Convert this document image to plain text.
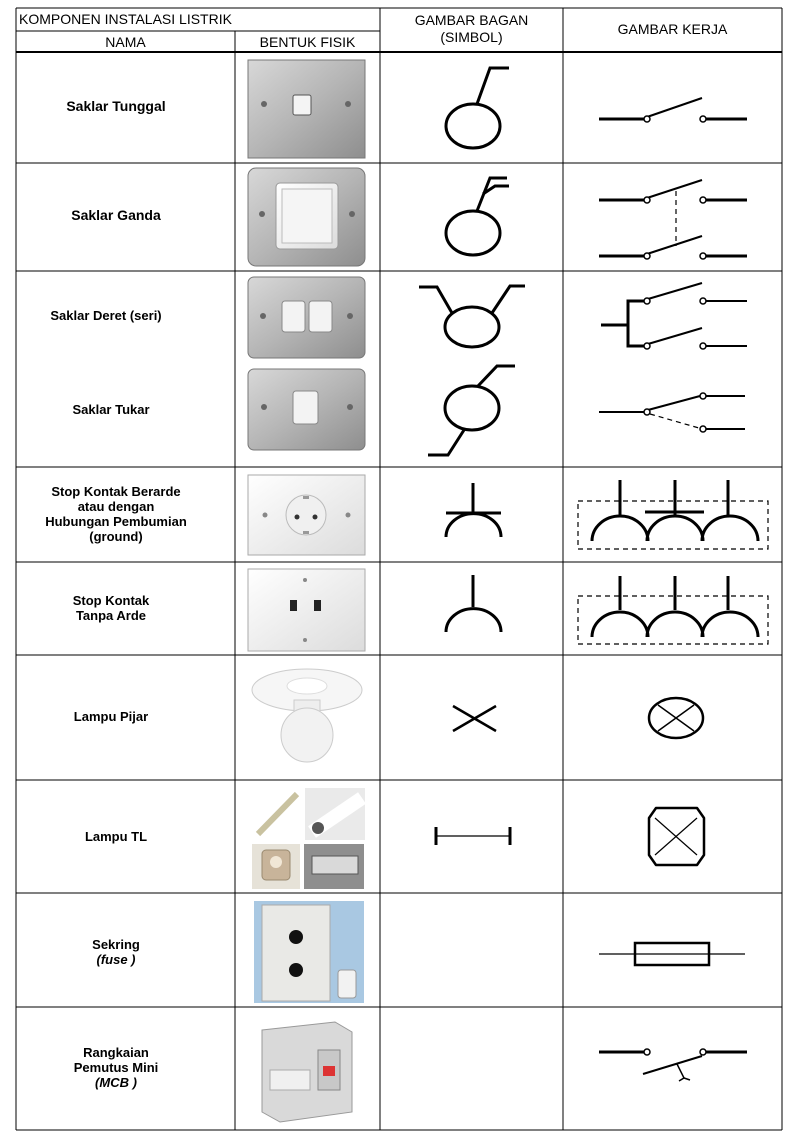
KOMPONEN INSTALASI LISTRIK
NAMA	BENTUK FISIK
GAMBAR BAGAN
(SIMBOL)	GAMBAR KERJA
Saklar Tunggal
Saklar Ganda
Saklar Deret (seri)
Saklar Tukar
Stop Kontak Berarde
atau dengan
Hubungan Pembumian
(ground)
Stop Kontak
Tanpa Arde
Lampu Pijar
Lampu TL
Sekring
(fuse )
Rangkaian
Pemutus Mini
(MCB )
